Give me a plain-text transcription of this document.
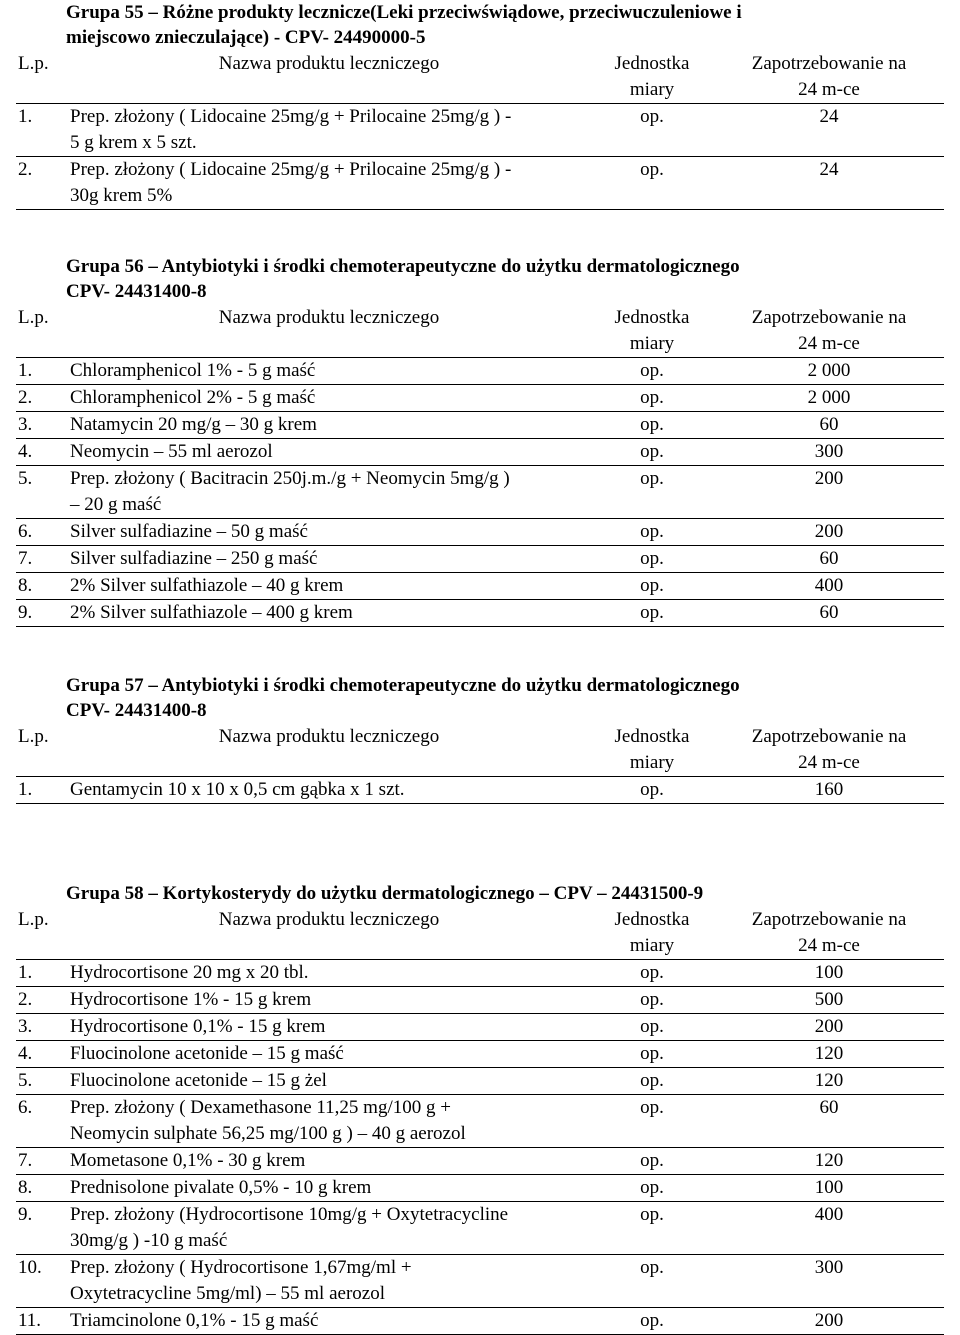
Grupa 55 – Różne produkty lecznicze(Leki przeciwświądowe, przeciwuczuleniowe i
miejscowo znieczulające) - CPV- 24490000-5
L.p.	Nazwa produktu leczniczego	Jednostka
miary	Zapotrzebowanie na
24 m-ce
1.	Prep. złożony ( Lidocaine 25mg/g + Prilocaine 25mg/g ) -
5 g krem x 5 szt.	op.	24
2.	Prep. złożony ( Lidocaine 25mg/g + Prilocaine 25mg/g ) -
30g krem 5%	op.	24
Grupa 56 – Antybiotyki i środki chemoterapeutyczne do użytku dermatologicznego
CPV- 24431400-8
L.p.	Nazwa produktu leczniczego	Jednostka
miary	Zapotrzebowanie na
24 m-ce
1.	Chloramphenicol 1% - 5 g maść	op.	2 000
2.	Chloramphenicol 2% - 5 g maść	op.	2 000
3.	Natamycin 20 mg/g – 30 g krem	op.	60
4.	Neomycin – 55 ml aerozol	op.	300
5.	Prep. złożony ( Bacitracin 250j.m./g + Neomycin 5mg/g )
– 20 g maść	op.	200
6.	Silver sulfadiazine – 50 g maść	op.	200
7.	Silver sulfadiazine – 250 g maść	op.	60
8.	2% Silver sulfathiazole – 40 g krem	op.	400
9.	2% Silver sulfathiazole – 400 g krem	op.	60
Grupa 57 – Antybiotyki i środki chemoterapeutyczne do użytku dermatologicznego
CPV- 24431400-8
L.p.	Nazwa produktu leczniczego	Jednostka
miary	Zapotrzebowanie na
24 m-ce
1.	Gentamycin 10 x 10 x 0,5 cm gąbka x 1 szt.	op.	160
Grupa 58 – Kortykosterydy do użytku dermatologicznego – CPV – 24431500-9
L.p.	Nazwa produktu leczniczego	Jednostka
miary	Zapotrzebowanie na
24 m-ce
1.	Hydrocortisone 20 mg x 20 tbl.	op.	100
2.	Hydrocortisone 1% - 15 g krem	op.	500
3.	Hydrocortisone 0,1% - 15 g krem	op.	200
4.	Fluocinolone acetonide – 15 g maść	op.	120
5.	Fluocinolone acetonide – 15 g żel	op.	120
6.	Prep. złożony ( Dexamethasone 11,25 mg/100 g +
Neomycin sulphate 56,25 mg/100 g ) – 40 g aerozol	op.	60
7.	Mometasone 0,1% - 30 g krem	op.	120
8.	Prednisolone pivalate 0,5% - 10 g krem	op.	100
9.	Prep. złożony (Hydrocortisone 10mg/g + Oxytetracycline
30mg/g ) -10 g maść	op.	400
10.	Prep. złożony ( Hydrocortisone 1,67mg/ml +
Oxytetracycline 5mg/ml) – 55 ml aerozol	op.	300
11.	Triamcinolone 0,1% - 15 g maść	op.	200
